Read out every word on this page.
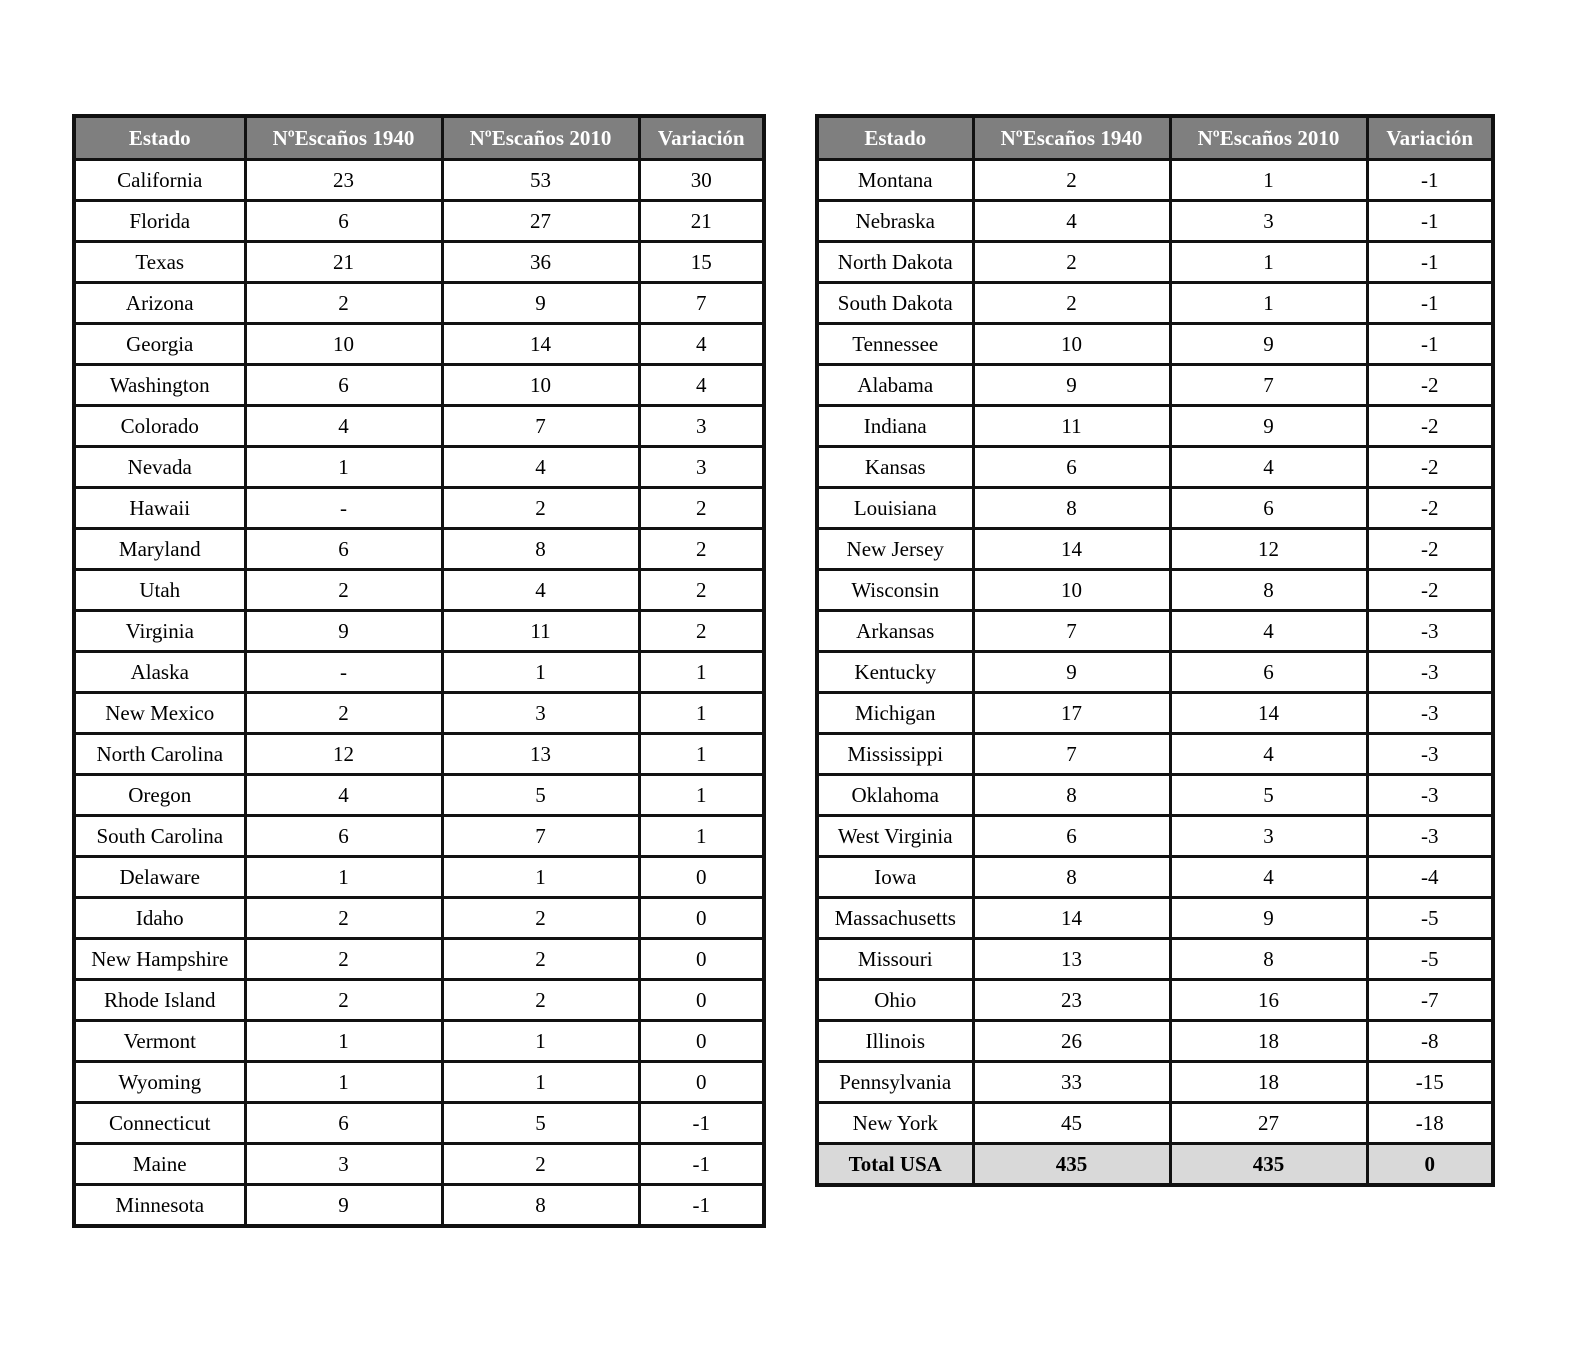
Estado	NºEscaños 1940	NºEscaños 2010	Variación
California	23	53	30
Florida	6	27	21
Texas	21	36	15
Arizona	2	9	7
Georgia	10	14	4
Washington	6	10	4
Colorado	4	7	3
Nevada	1	4	3
Hawaii	-	2	2
Maryland	6	8	2
Utah	2	4	2
Virginia	9	11	2
Alaska	-	1	1
New Mexico	2	3	1
North Carolina	12	13	1
Oregon	4	5	1
South Carolina	6	7	1
Delaware	1	1	0
Idaho	2	2	0
New Hampshire	2	2	0
Rhode Island	2	2	0
Vermont	1	1	0
Wyoming	1	1	0
Connecticut	6	5	-1
Maine	3	2	-1
Minnesota	9	8	-1
Estado	NºEscaños 1940	NºEscaños 2010	Variación
Montana	2	1	-1
Nebraska	4	3	-1
North Dakota	2	1	-1
South Dakota	2	1	-1
Tennessee	10	9	-1
Alabama	9	7	-2
Indiana	11	9	-2
Kansas	6	4	-2
Louisiana	8	6	-2
New Jersey	14	12	-2
Wisconsin	10	8	-2
Arkansas	7	4	-3
Kentucky	9	6	-3
Michigan	17	14	-3
Mississippi	7	4	-3
Oklahoma	8	5	-3
West Virginia	6	3	-3
Iowa	8	4	-4
Massachusetts	14	9	-5
Missouri	13	8	-5
Ohio	23	16	-7
Illinois	26	18	-8
Pennsylvania	33	18	-15
New York	45	27	-18
Total USA	435	435	0
